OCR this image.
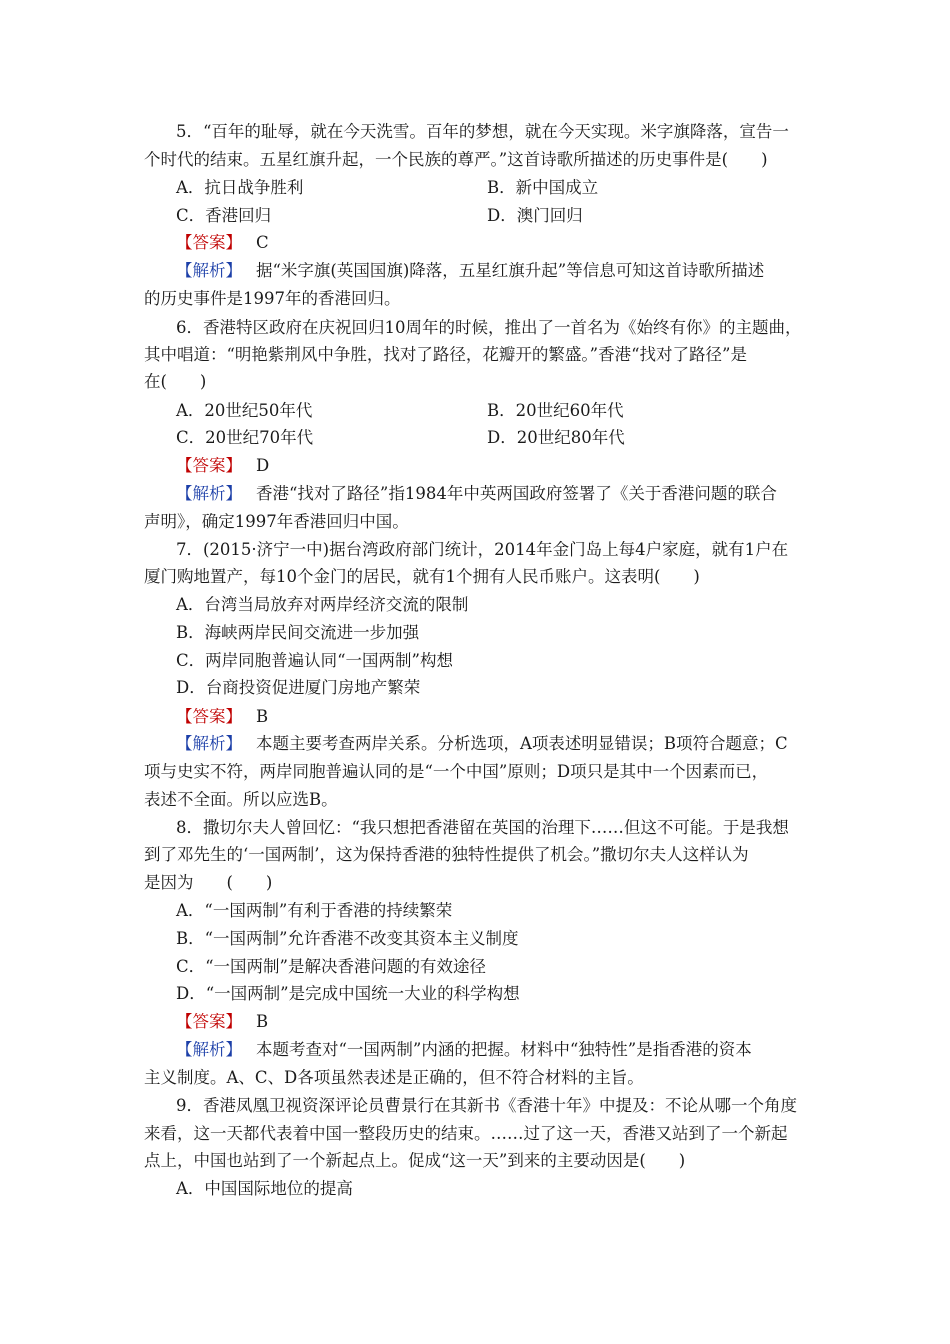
5．“百年的耻辱，就在今天洗雪。百年的梦想，就在今天实现。米字旗降落，宣告一
个时代的结束。五星红旗升起，一个民族的尊严。”这首诗歌所描述的历史事件是(　　)
A．抗日战争胜利	B．新中国成立
C．香港回归	D．澳门回归
【答案】 C
【解析】 据“米字旗(英国国旗)降落，五星红旗升起”等信息可知这首诗歌所描述
的历史事件是1997年的香港回归。
6．香港特区政府在庆祝回归10周年的时候，推出了一首名为《始终有你》的主题曲，
其中唱道：“明艳紫荆风中争胜，找对了路径，花瓣开的繁盛。”香港“找对了路径”是
在(　　)
A．20世纪50年代	B．20世纪60年代
C．20世纪70年代	D．20世纪80年代
【答案】 D
【解析】 香港“找对了路径”指1984年中英两国政府签署了《关于香港问题的联合
声明》，确定1997年香港回归中国。
7．(2015·济宁一中)据台湾政府部门统计，2014年金门岛上每4户家庭，就有1户在
厦门购地置产，每10个金门的居民，就有1个拥有人民币账户。这表明(　　)
A．台湾当局放弃对两岸经济交流的限制
B．海峡两岸民间交流进一步加强
C．两岸同胞普遍认同“一国两制”构想
D．台商投资促进厦门房地产繁荣
【答案】 B
【解析】 本题主要考查两岸关系。分析选项，A项表述明显错误；B项符合题意；C
项与史实不符，两岸同胞普遍认同的是“一个中国”原则；D项只是其中一个因素而已，
表述不全面。所以应选B。
8．撒切尔夫人曾回忆：“我只想把香港留在英国的治理下……但这不可能。于是我想
到了邓先生的‘一国两制’，这为保持香港的独特性提供了机会。”撒切尔夫人这样认为
是因为　　(　　)
A．“一国两制”有利于香港的持续繁荣
B．“一国两制”允许香港不改变其资本主义制度
C．“一国两制”是解决香港问题的有效途径
D．“一国两制”是完成中国统一大业的科学构想
【答案】 B
【解析】 本题考查对“一国两制”内涵的把握。材料中“独特性”是指香港的资本
主义制度。A、C、D各项虽然表述是正确的，但不符合材料的主旨。
9．香港凤凰卫视资深评论员曹景行在其新书《香港十年》中提及：不论从哪一个角度
来看，这一天都代表着中国一整段历史的结束。……过了这一天，香港又站到了一个新起
点上，中国也站到了一个新起点上。促成“这一天”到来的主要动因是(　　)
A．中国国际地位的提高
